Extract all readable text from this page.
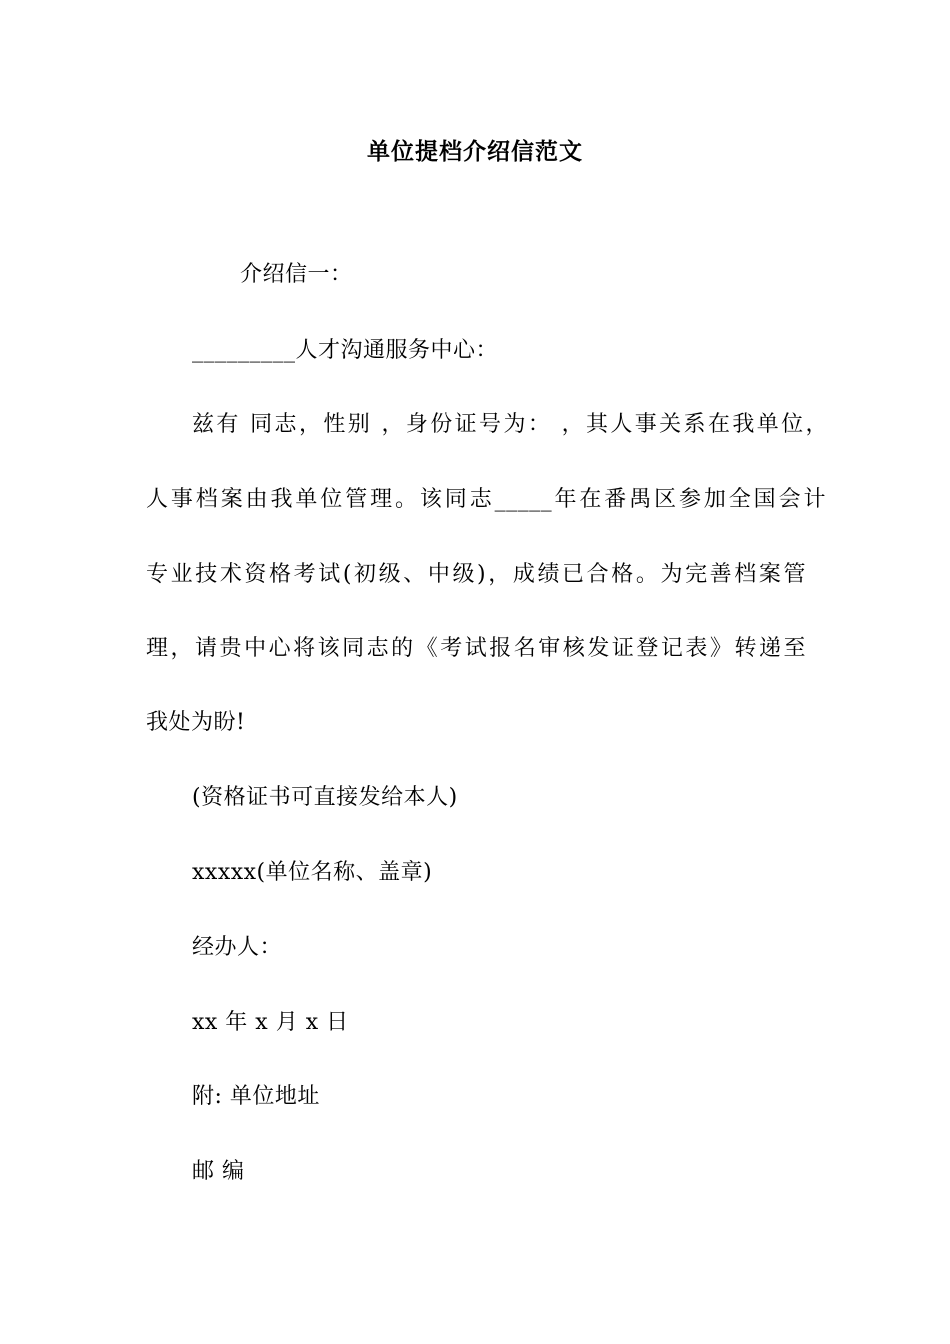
单位提档介绍信范文
介绍信一：
_________人才沟通服务中心：
兹有 同志，性别 ，身份证号为： ，其人事关系在我单位，
人事档案由我单位管理。该同志_____年在番禺区参加全国会计
专业技术资格考试(初级、中级)，成绩已合格。为完善档案管
理，请贵中心将该同志的《考试报名审核发证登记表》转递至
我处为盼!
(资格证书可直接发给本人)
xxxxx(单位名称、盖章)
经办人：
xx 年 x 月 x 日
附: 单位地址
邮 编
